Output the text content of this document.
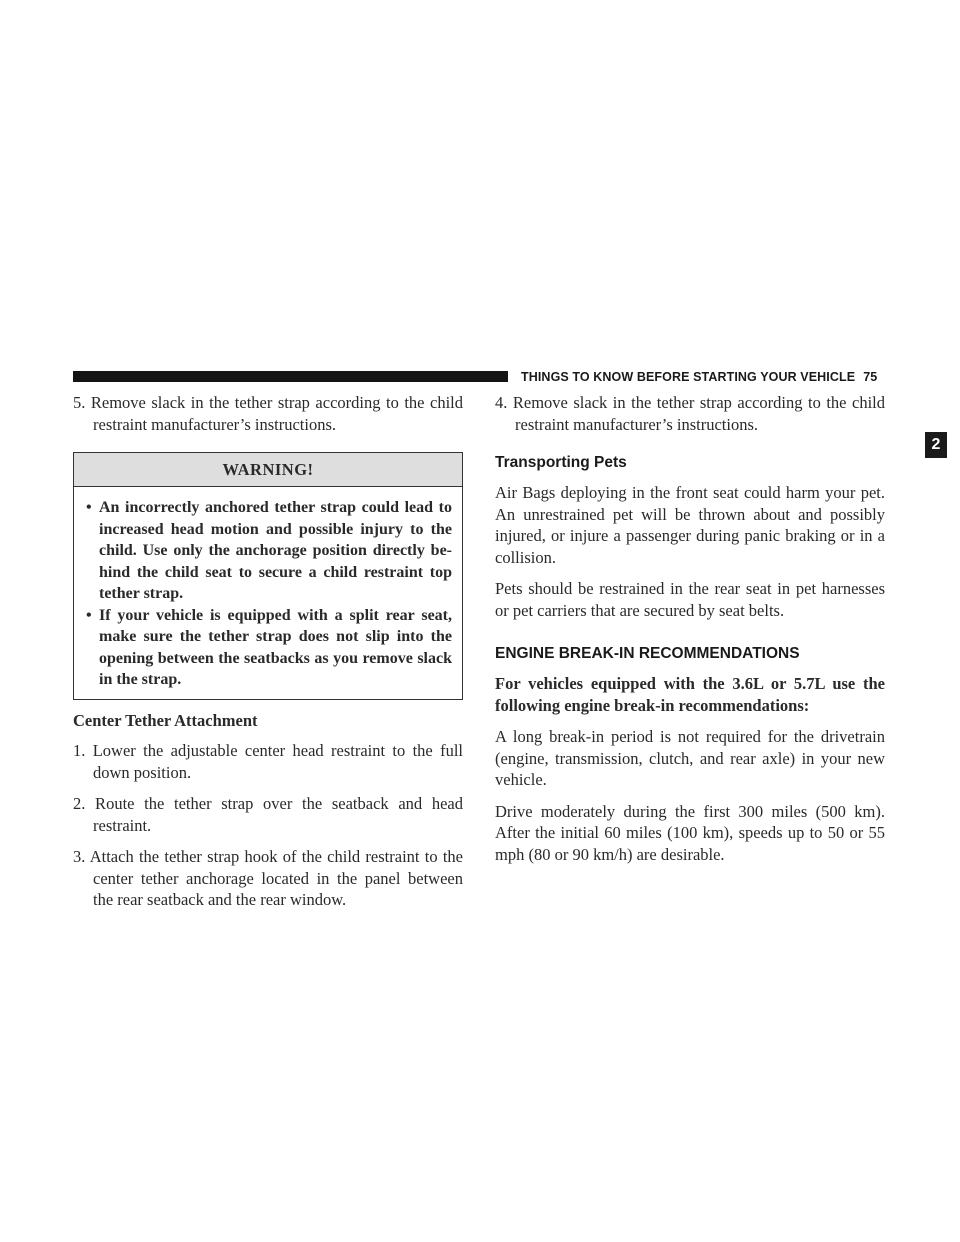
THINGS TO KNOW BEFORE STARTING YOUR VEHICLE 75
2

5. Remove slack in the tether strap according to the child restraint manufacturer’s instructions.

WARNING!
• An incorrectly anchored tether strap could lead to increased head motion and possible injury to the child. Use only the anchorage position directly be- hind the child seat to secure a child restraint top tether strap.
• If your vehicle is equipped with a split rear seat, make sure the tether strap does not slip into the opening between the seatbacks as you remove slack in the strap.
Center Tether Attachment

1. Lower the adjustable center head restraint to the full down position.

2. Route the tether strap over the seatback and head restraint.

3. Attach the tether strap hook of the child restraint to the center tether anchorage located in the panel between the rear seatback and the rear window.

4. Remove slack in the tether strap according to the child restraint manufacturer’s instructions.

Transporting Pets

Air Bags deploying in the front seat could harm your pet. An unrestrained pet will be thrown about and possibly injured, or injure a passenger during panic braking or in a collision.

Pets should be restrained in the rear seat in pet harnesses or pet carriers that are secured by seat belts.

ENGINE BREAK-IN RECOMMENDATIONS

For vehicles equipped with the 3.6L or 5.7L use the following engine break-in recommendations:

A long break-in period is not required for the drivetrain (engine, transmission, clutch, and rear axle) in your new vehicle.

Drive moderately during the first 300 miles (500 km). After the initial 60 miles (100 km), speeds up to 50 or 55 mph (80 or 90 km/h) are desirable.
